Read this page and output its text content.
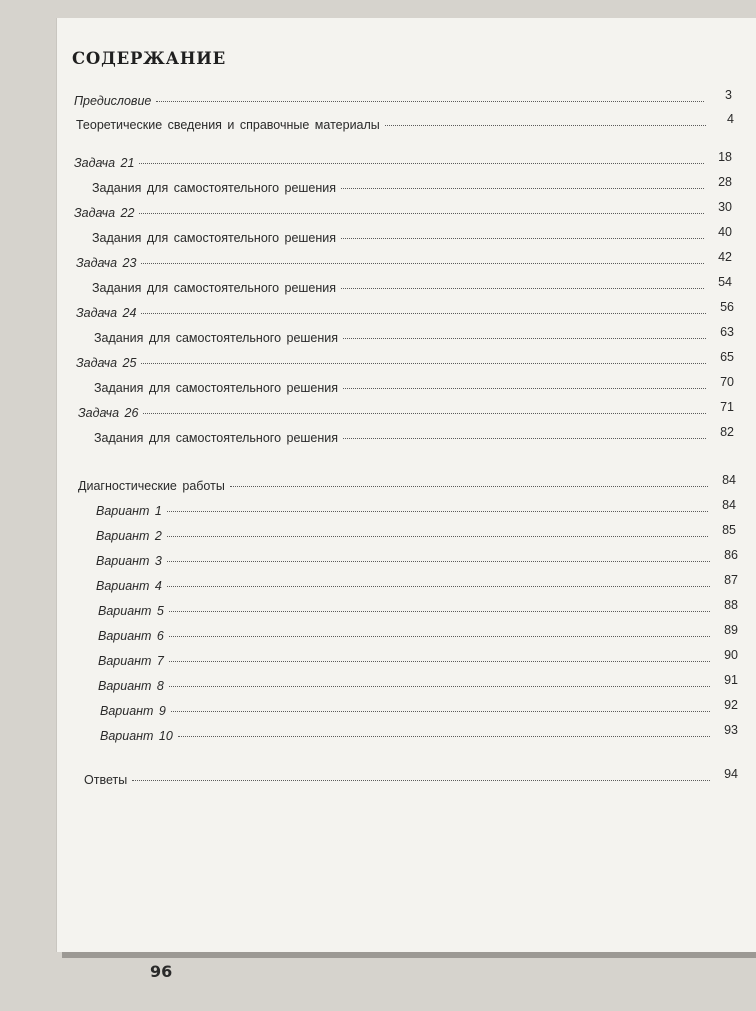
СОДЕРЖАНИЕ
Предисловие	3
Теоретические сведения и справочные материалы	4
Задача 21	18
Задания для самостоятельного решения	28
Задача 22	30
Задания для самостоятельного решения	40
Задача 23	42
Задания для самостоятельного решения	54
Задача 24	56
Задания для самостоятельного решения	63
Задача 25	65
Задания для самостоятельного решения	70
Задача 26	71
Задания для самостоятельного решения	82
Диагностические работы	84
Вариант 1	84
Вариант 2	85
Вариант 3	86
Вариант 4	87
Вариант 5	88
Вариант 6	89
Вариант 7	90
Вариант 8	91
Вариант 9	92
Вариант 10	93
Ответы	94
96
